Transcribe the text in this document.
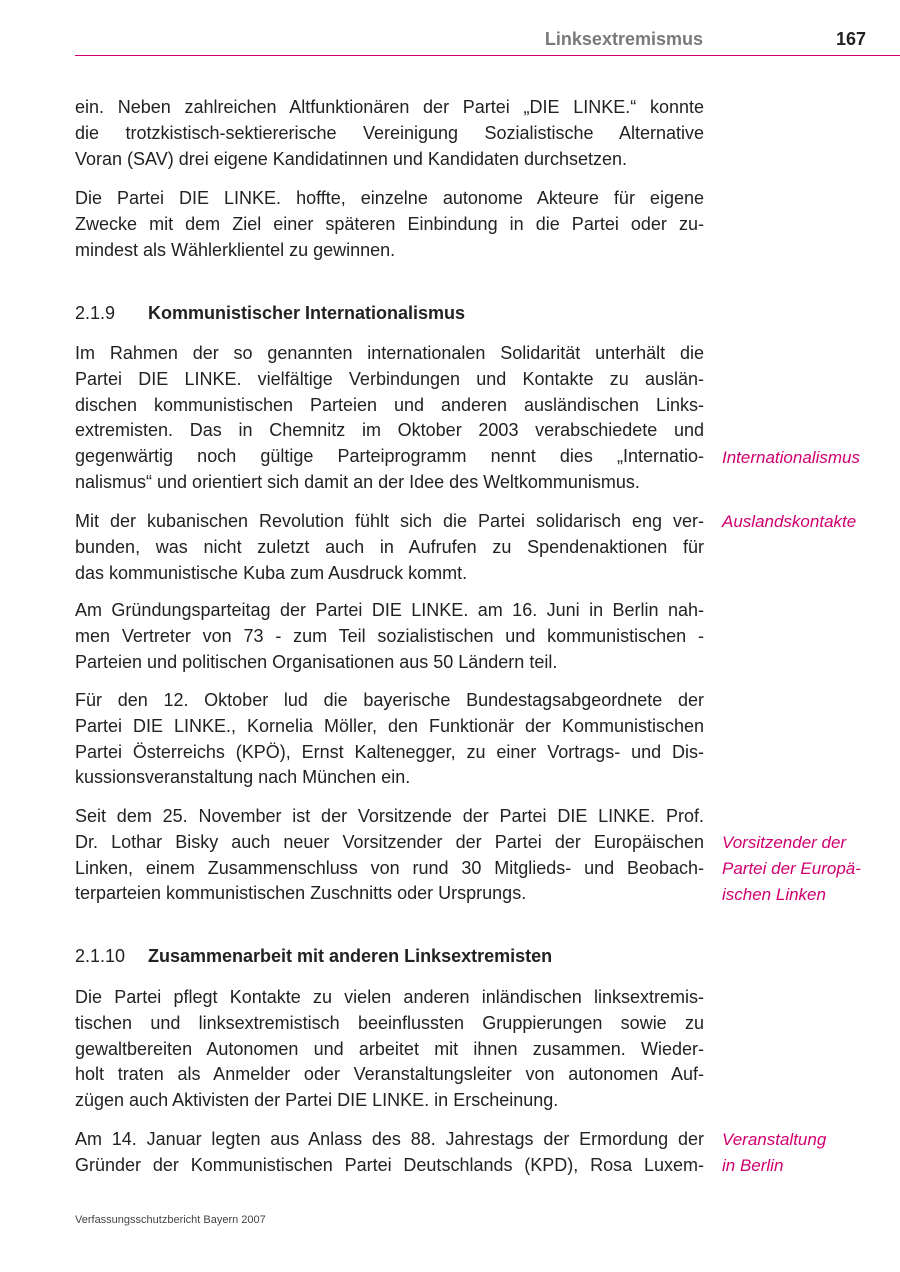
Linksextremismus	167

ein. Neben zahlreichen Altfunktionären der Partei „DIE LINKE.“ konnte
die trotzkistisch-sektiererische Vereinigung Sozialistische Alternative
Voran (SAV) drei eigene Kandidatinnen und Kandidaten durchsetzen.

Die Partei DIE LINKE. hoffte, einzelne autonome Akteure für eigene
Zwecke mit dem Ziel einer späteren Einbindung in die Partei oder zu-
mindest als Wählerklientel zu gewinnen.

2.1.9 Kommunistischer Internationalismus

Im Rahmen der so genannten internationalen Solidarität unterhält die
Partei DIE LINKE. vielfältige Verbindungen und Kontakte zu auslän-
dischen kommunistischen Parteien und anderen ausländischen Links-
extremisten. Das in Chemnitz im Oktober 2003 verabschiedete und
gegenwärtig noch gültige Parteiprogramm nennt dies „Internatio-
nalismus“ und orientiert sich damit an der Idee des Weltkommunismus.

Mit der kubanischen Revolution fühlt sich die Partei solidarisch eng ver-
bunden, was nicht zuletzt auch in Aufrufen zu Spendenaktionen für
das kommunistische Kuba zum Ausdruck kommt.

Am Gründungsparteitag der Partei DIE LINKE. am 16. Juni in Berlin nah-
men Vertreter von 73 - zum Teil sozialistischen und kommunistischen -
Parteien und politischen Organisationen aus 50 Ländern teil.

Für den 12. Oktober lud die bayerische Bundestagsabgeordnete der
Partei DIE LINKE., Kornelia Möller, den Funktionär der Kommunistischen
Partei Österreichs (KPÖ), Ernst Kaltenegger, zu einer Vortrags- und Dis-
kussionsveranstaltung nach München ein.

Seit dem 25. November ist der Vorsitzende der Partei DIE LINKE. Prof.
Dr. Lothar Bisky auch neuer Vorsitzender der Partei der Europäischen
Linken, einem Zusammenschluss von rund 30 Mitglieds- und Beobach-
terparteien kommunistischen Zuschnitts oder Ursprungs.

2.1.10 Zusammenarbeit mit anderen Linksextremisten

Die Partei pflegt Kontakte zu vielen anderen inländischen linksextremis-
tischen und linksextremistisch beeinflussten Gruppierungen sowie zu
gewaltbereiten Autonomen und arbeitet mit ihnen zusammen. Wieder-
holt traten als Anmelder oder Veranstaltungsleiter von autonomen Auf-
zügen auch Aktivisten der Partei DIE LINKE. in Erscheinung.

Am 14. Januar legten aus Anlass des 88. Jahrestags der Ermordung der
Gründer der Kommunistischen Partei Deutschlands (KPD), Rosa Luxem-

Internationalismus
Auslandskontakte
Vorsitzender der
Partei der Europä-
ischen Linken
Veranstaltung
in Berlin
Verfassungsschutzbericht Bayern 2007
